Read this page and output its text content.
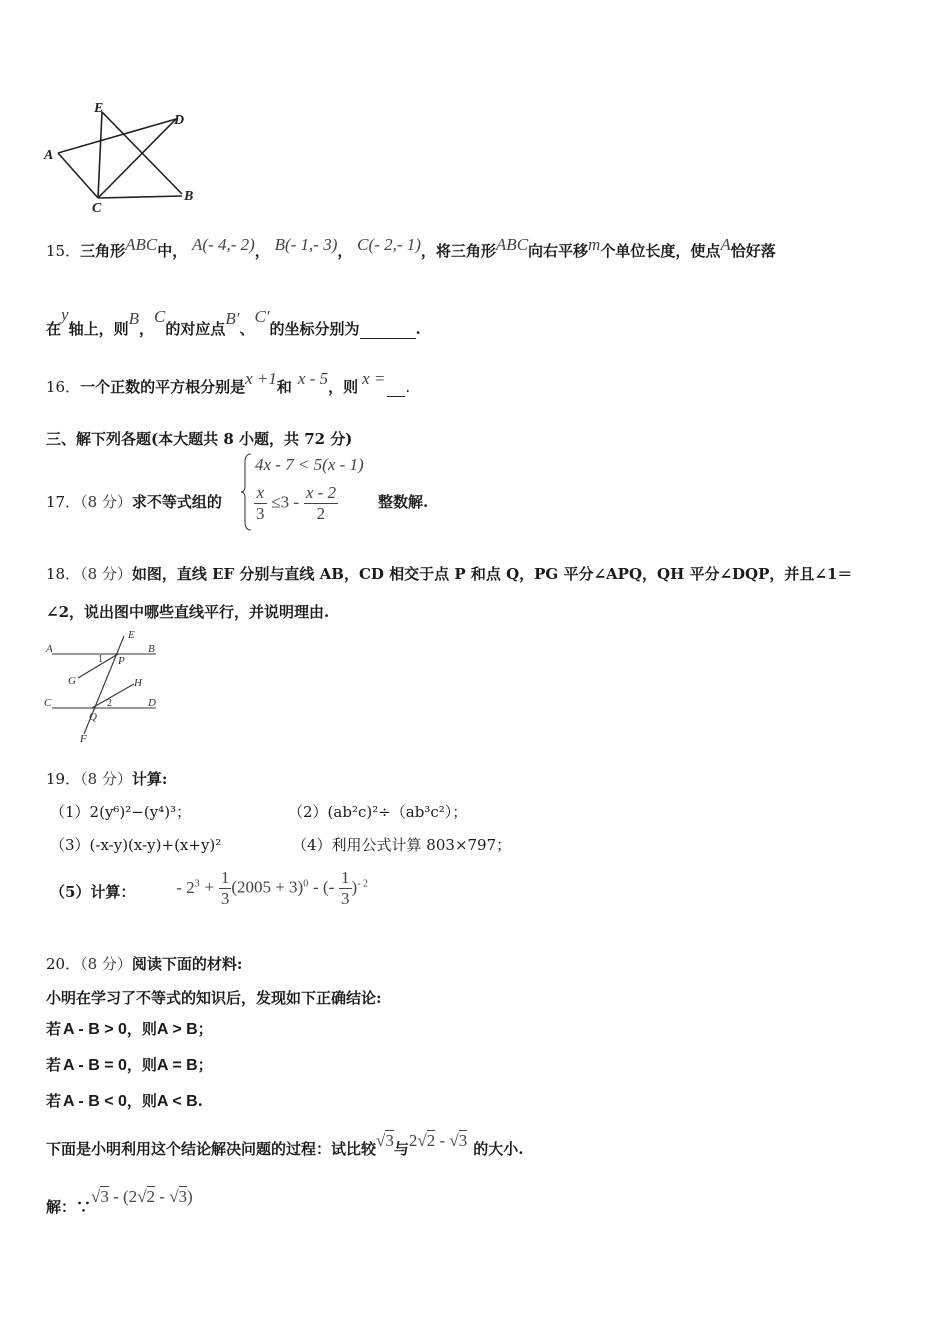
E
D
A
C
B
15．三角形ABC中， A(- 4,- 2)， B(- 1,- 3)， C(- 2,- 1)，将三角形ABC向右平移m个单位长度，使点A恰好落
在y轴上，则B，C的对应点B′、C′的坐标分别为	.
16．一个正数的平方根分别是x +1和 x - 5，则 x = .
三、解下列各题(本大题共 8 小题，共 72 分)
17．（8 分）求不等式组的
4x - 7 < 5(x - 1)
$\frac{x}{3} \le 3 - \frac{x - 2}{2}$	整数解.
18．（8 分）如图，直线 EF 分别与直线 AB，CD 相交于点 P 和点 Q，PG 平分∠APQ，QH 平分∠DQP，并且∠1＝
∠2，说出图中哪些直线平行，并说明理由.
A	B
E
P
1
G	H
2
C	D
Q
F
19．（8 分）计算:
（1）2(y⁶)²−(y⁴)³；	（2）(ab²c)²÷（ab³c²）；
（3）(-x-y)(x-y)+(x+y)²	（4）利用公式计算 803×797；
（5）计算： - $2^3 + \frac{1}{3} (2005 + 3)^0$ - (- $\frac{1}{3} )^{- 2}$
20．（8 分）阅读下面的材料:
小明在学习了不等式的知识后，发现如下正确结论:
若 A - B > 0，则A > B；
若 A - B = 0，则A = B；
若 A - B < 0，则A < B.
下面是小明利用这个结论解决问题的过程：试比较√3与2√2 - √3 的大小.
解：∵√3 - (2√2 - √3)
